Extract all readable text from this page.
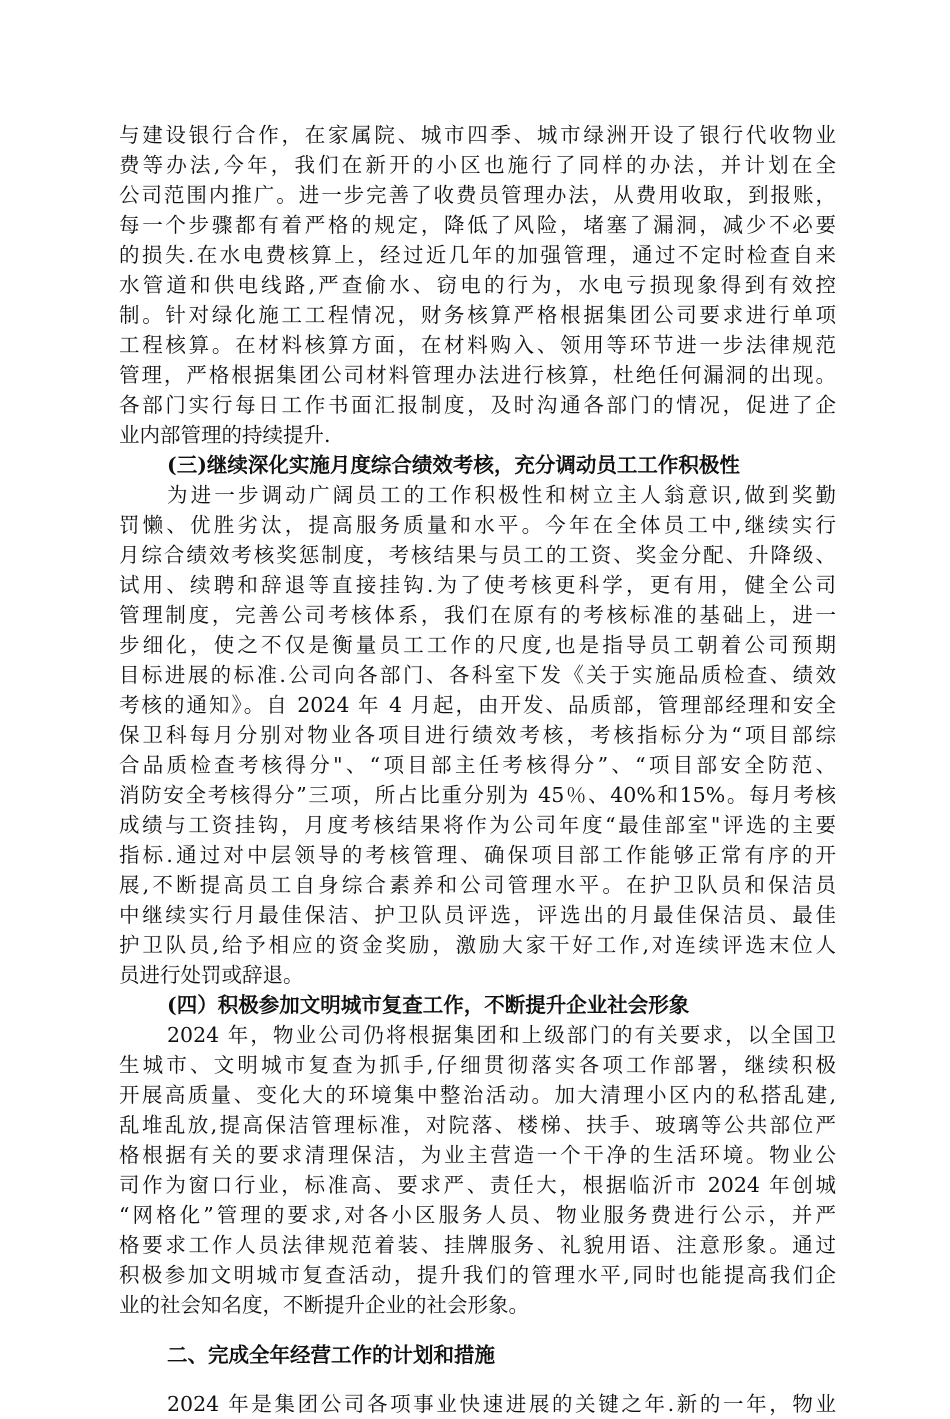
与建设银行合作，在家属院、城市四季、城市绿洲开设了银行代收物业
费等办法,今年，我们在新开的小区也施行了同样的办法，并计划在全
公司范围内推广。进一步完善了收费员管理办法，从费用收取，到报账，
每一个步骤都有着严格的规定，降低了风险，堵塞了漏洞，减少不必要
的损失.在水电费核算上，经过近几年的加强管理，通过不定时检查自来
水管道和供电线路,严查偷水、窃电的行为，水电亏损现象得到有效控
制。针对绿化施工工程情况，财务核算严格根据集团公司要求进行单项
工程核算。在材料核算方面，在材料购入、领用等环节进一步法律规范
管理，严格根据集团公司材料管理办法进行核算，杜绝任何漏洞的出现。
各部门实行每日工作书面汇报制度，及时沟通各部门的情况，促进了企
业内部管理的持续提升.
(三)继续深化实施月度综合绩效考核，充分调动员工工作积极性
为进一步调动广阔员工的工作积极性和树立主人翁意识,做到奖勤
罚懒、优胜劣汰，提高服务质量和水平。今年在全体员工中,继续实行
月综合绩效考核奖惩制度，考核结果与员工的工资、奖金分配、升降级、
试用、续聘和辞退等直接挂钩.为了使考核更科学，更有用，健全公司
管理制度，完善公司考核体系，我们在原有的考核标准的基础上，进一
步细化，使之不仅是衡量员工工作的尺度,也是指导员工朝着公司预期
目标进展的标准.公司向各部门、各科室下发《关于实施品质检查、绩效
考核的通知》。自 2024 年 4 月起，由开发、品质部，管理部经理和安全
保卫科每月分别对物业各项目进行绩效考核，考核指标分为“项目部综
合品质检查考核得分"、“项目部主任考核得分”、“项目部安全防范、
消防安全考核得分”三项，所占比重分别为 45％、40%和15%。每月考核
成绩与工资挂钩，月度考核结果将作为公司年度“最佳部室"评选的主要
指标.通过对中层领导的考核管理、确保项目部工作能够正常有序的开
展,不断提高员工自身综合素养和公司管理水平。在护卫队员和保洁员
中继续实行月最佳保洁、护卫队员评选，评选出的月最佳保洁员、最佳
护卫队员,给予相应的资金奖励，激励大家干好工作,对连续评选末位人
员进行处罚或辞退。
(四）积极参加文明城市复查工作，不断提升企业社会形象
2024 年，物业公司仍将根据集团和上级部门的有关要求，以全国卫
生城市、文明城市复查为抓手,仔细贯彻落实各项工作部署，继续积极
开展高质量、变化大的环境集中整治活动。加大清理小区内的私搭乱建,
乱堆乱放,提高保洁管理标准，对院落、楼梯、扶手、玻璃等公共部位严
格根据有关的要求清理保洁，为业主营造一个干净的生活环境。物业公
司作为窗口行业，标准高、要求严、责任大，根据临沂市 2024 年创城
“网格化”管理的要求,对各小区服务人员、物业服务费进行公示，并严
格要求工作人员法律规范着装、挂牌服务、礼貌用语、注意形象。通过
积极参加文明城市复查活动，提升我们的管理水平,同时也能提高我们企
业的社会知名度，不断提升企业的社会形象。
二、完成全年经营工作的计划和措施
2024 年是集团公司各项事业快速进展的关键之年.新的一年，物业
